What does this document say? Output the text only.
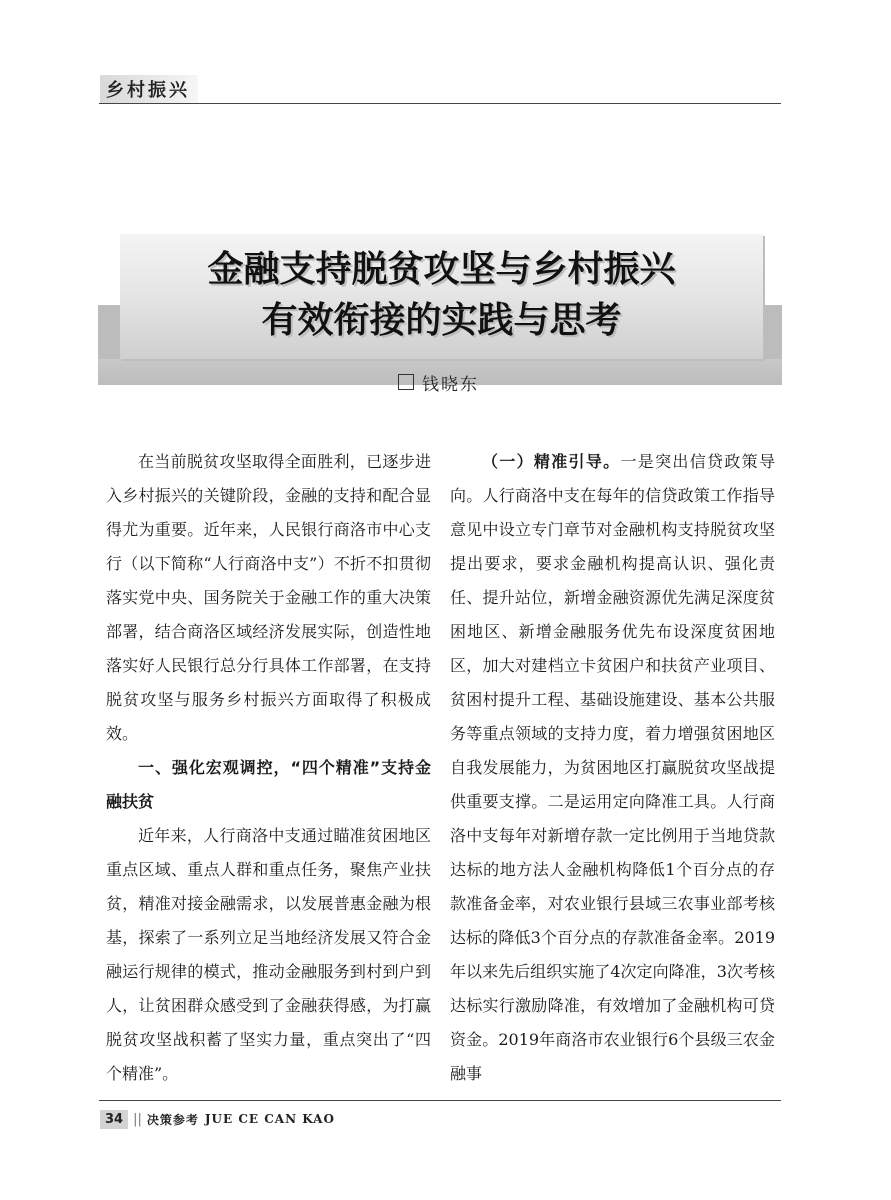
乡村振兴
金融支持脱贫攻坚与乡村振兴
有效衔接的实践与思考
钱晓东

在当前脱贫攻坚取得全面胜利，已逐步进入乡村振兴的关键阶段，金融的支持和配合显得尤为重要。近年来，人民银行商洛市中心支行（以下简称“人行商洛中支”）不折不扣贯彻落实党中央、国务院关于金融工作的重大决策部署，结合商洛区域经济发展实际，创造性地落实好人民银行总分行具体工作部署，在支持脱贫攻坚与服务乡村振兴方面取得了积极成效。

一、强化宏观调控，“四个精准”支持金融扶贫

近年来，人行商洛中支通过瞄准贫困地区重点区域、重点人群和重点任务，聚焦产业扶贫，精准对接金融需求，以发展普惠金融为根基，探索了一系列立足当地经济发展又符合金融运行规律的模式，推动金融服务到村到户到人，让贫困群众感受到了金融获得感，为打赢脱贫攻坚战积蓄了坚实力量，重点突出了“四个精准”。

（一）精准引导。一是突出信贷政策导向。人行商洛中支在每年的信贷政策工作指导意见中设立专门章节对金融机构支持脱贫攻坚提出要求，要求金融机构提高认识、强化责任、提升站位，新增金融资源优先满足深度贫困地区、新增金融服务优先布设深度贫困地区，加大对建档立卡贫困户和扶贫产业项目、贫困村提升工程、基础设施建设、基本公共服务等重点领域的支持力度，着力增强贫困地区自我发展能力，为贫困地区打赢脱贫攻坚战提供重要支撑。二是运用定向降准工具。人行商洛中支每年对新增存款一定比例用于当地贷款达标的地方法人金融机构降低1个百分点的存款准备金率，对农业银行县域三农事业部考核达标的降低3个百分点的存款准备金率。2019年以来先后组织实施了4次定向降准，3次考核达标实行激励降准，有效增加了金融机构可贷资金。2019年商洛市农业银行6个县级三农金融事

34 || 决策参考 JUE CE CAN KAO
